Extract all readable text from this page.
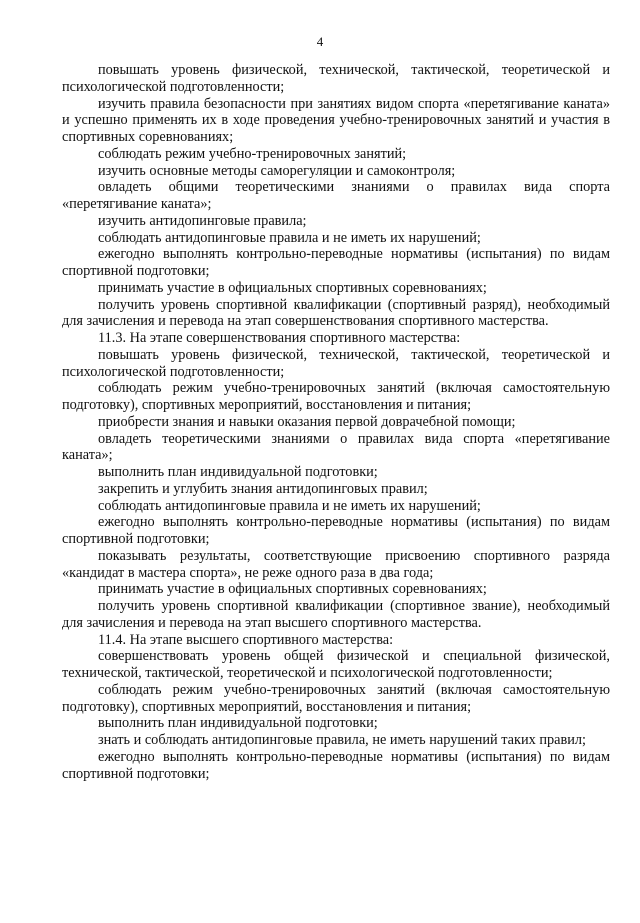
4

повышать уровень физической, технической, тактической, теоретической и психологической подготовленности;

изучить правила безопасности при занятиях видом спорта «перетягивание каната» и успешно применять их в ходе проведения учебно-тренировочных занятий и участия в спортивных соревнованиях;

соблюдать режим учебно-тренировочных занятий;

изучить основные методы саморегуляции и самоконтроля;

овладеть общими теоретическими знаниями о правилах вида спорта «перетягивание каната»;

изучить антидопинговые правила;

соблюдать антидопинговые правила и не иметь их нарушений;

ежегодно выполнять контрольно-переводные нормативы (испытания) по видам спортивной подготовки;

принимать участие в официальных спортивных соревнованиях;

получить уровень спортивной квалификации (спортивный разряд), необходимый для зачисления и перевода на этап совершенствования спортивного мастерства.

11.3. На этапе совершенствования спортивного мастерства:

повышать уровень физической, технической, тактической, теоретической и психологической подготовленности;

соблюдать режим учебно-тренировочных занятий (включая самостоятельную подготовку), спортивных мероприятий, восстановления и питания;

приобрести знания и навыки оказания первой доврачебной помощи;

овладеть теоретическими знаниями о правилах вида спорта «перетягивание каната»;

выполнить план индивидуальной подготовки;

закрепить и углубить знания антидопинговых правил;

соблюдать антидопинговые правила и не иметь их нарушений;

ежегодно выполнять контрольно-переводные нормативы (испытания) по видам спортивной подготовки;

показывать результаты, соответствующие присвоению спортивного разряда «кандидат в мастера спорта», не реже одного раза в два года;

принимать участие в официальных спортивных соревнованиях;

получить уровень спортивной квалификации (спортивное звание), необходимый для зачисления и перевода на этап высшего спортивного мастерства.

11.4. На этапе высшего спортивного мастерства:

совершенствовать уровень общей физической и специальной физической, технической, тактической, теоретической и психологической подготовленности;

соблюдать режим учебно-тренировочных занятий (включая самостоятельную подготовку), спортивных мероприятий, восстановления и питания;

выполнить план индивидуальной подготовки;

знать и соблюдать антидопинговые правила, не иметь нарушений таких правил;

ежегодно выполнять контрольно-переводные нормативы (испытания) по видам спортивной подготовки;
